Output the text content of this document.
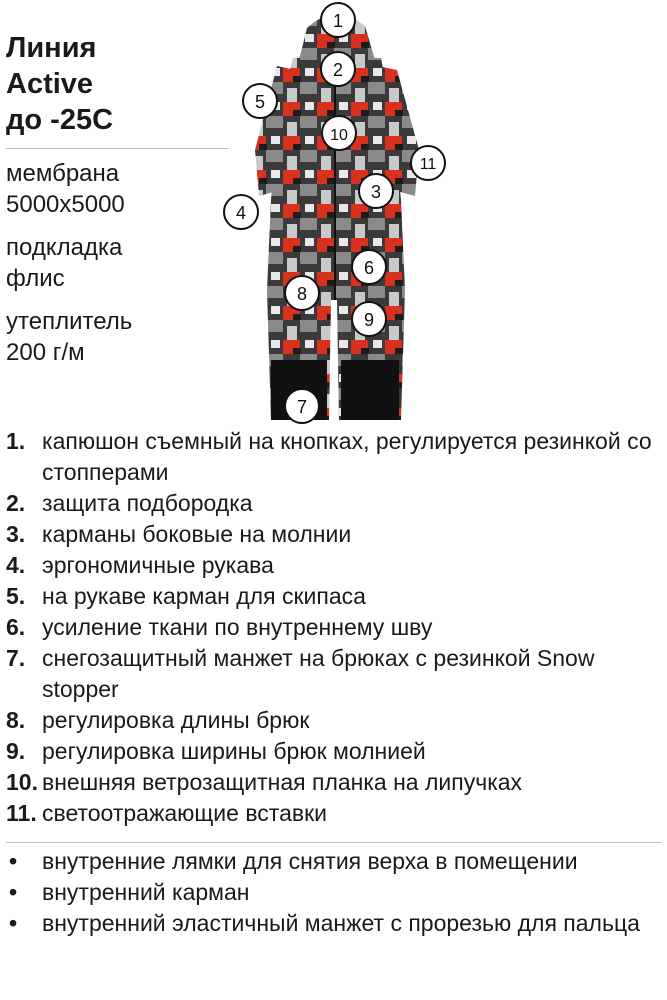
Линия
Active
до -25С
мембрана
5000х5000
подкладка
флис
утеплитель
200 г/м
1
2
3
4
5
6
7
8
9
10
11
1. капюшон съемный на кнопках, регулируется резинкой со стопперами
2. защита подбородка
3. карманы боковые на молнии
4. эргономичные рукава
5. на рукаве карман для скипаса
6. усиление ткани по внутреннему шву
7. снегозащитный манжет на брюках с резинкой Snow stopper
8. регулировка длины брюк
9. регулировка ширины брюк молнией
10. внешняя ветрозащитная планка на липучках
11. светоотражающие вставки
• внутренние лямки для снятия верха в помещении
• внутренний карман
• внутренний эластичный манжет с прорезью для пальца
